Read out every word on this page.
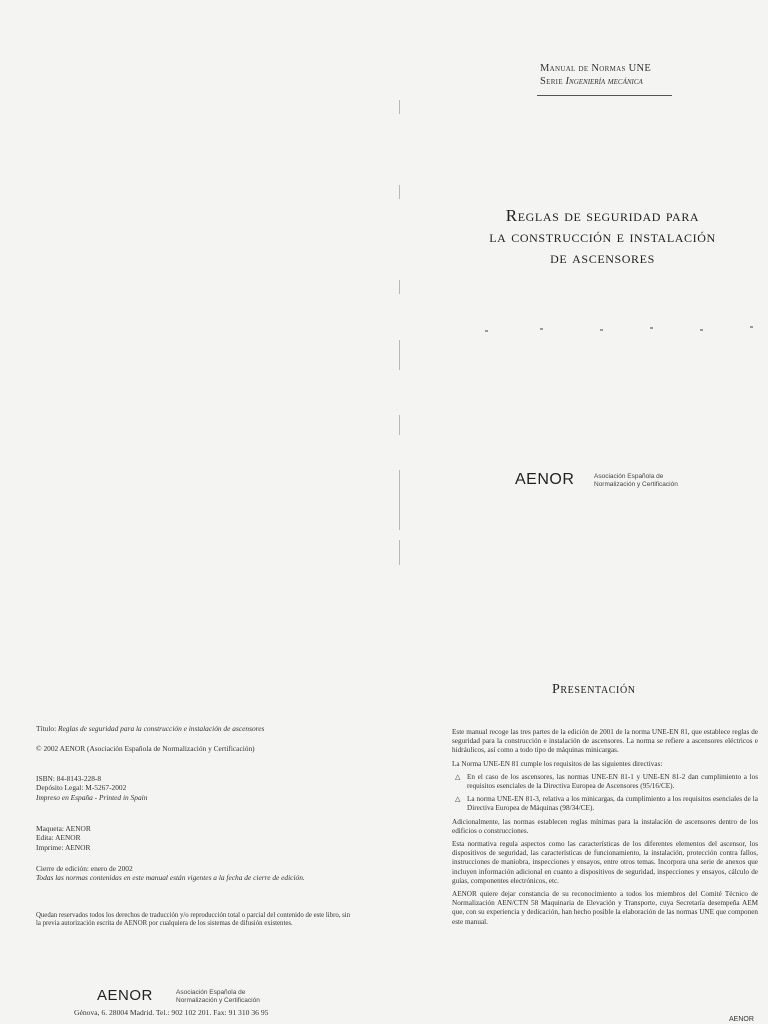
Título: Reglas de seguridad para la construcción e instalación de ascensores
© 2002 AENOR (Asociación Española de Normalización y Certificación)
ISBN: 84-8143-228-8
Depósito Legal: M-5267-2002
Impreso en España - Printed in Spain
Maqueta: AENOR
Edita: AENOR
Imprime: AENOR
Cierre de edición: enero de 2002
Todas las normas contenidas en este manual están vigentes a la fecha de cierre de edición.
Quedan reservados todos los derechos de traducción y/o reproducción total o parcial del contenido de este libro, sin la previa autorización escrita de AENOR por cualquiera de los sistemas de difusión existentes.
AENOR	Asociación Española de
Normalización y Certificación
Génova, 6. 28004 Madrid. Tel.: 902 102 201. Fax: 91 310 36 95
Manual de Normas UNE
Serie Ingeniería mecánica
Reglas de seguridad para
la construcción e instalación
de ascensores
AENOR	Asociación Española de
Normalización y Certificación
Presentación

Este manual recoge las tres partes de la edición de 2001 de la norma UNE-EN 81, que establece reglas de seguridad para la construcción e instalación de ascensores. La norma se refiere a ascensores eléctricos e hidráulicos, así como a todo tipo de máquinas minicargas.

La Norma UNE-EN 81 cumple los requisitos de las siguientes directivas:

△ En el caso de los ascensores, las normas UNE-EN 81-1 y UNE-EN 81-2 dan cumplimiento a los requisitos esenciales de la Directiva Europea de Ascensores (95/16/CE).

△ La norma UNE-EN 81-3, relativa a los minicargas, da cumplimiento a los requisitos esenciales de la Directiva Europea de Máquinas (98/34/CE).

Adicionalmente, las normas establecen reglas mínimas para la instalación de ascensores dentro de los edificios o construcciones.

Esta normativa regula aspectos como las características de los diferentes elementos del ascensor, los dispositivos de seguridad, las características de funcionamiento, la instalación, protección contra fallos, instrucciones de maniobra, inspecciones y ensayos, entre otros temas. Incorpora una serie de anexos que incluyen información adicional en cuanto a dispositivos de seguridad, inspecciones y ensayos, cálculo de guías, componentes electrónicos, etc.

AENOR quiere dejar constancia de su reconocimiento a todos los miembros del Comité Técnico de Normalización AEN/CTN 58 Maquinaria de Elevación y Transporte, cuya Secretaría desempeña AEM que, con su experiencia y dedicación, han hecho posible la elaboración de las normas UNE que componen este manual.

AENOR
